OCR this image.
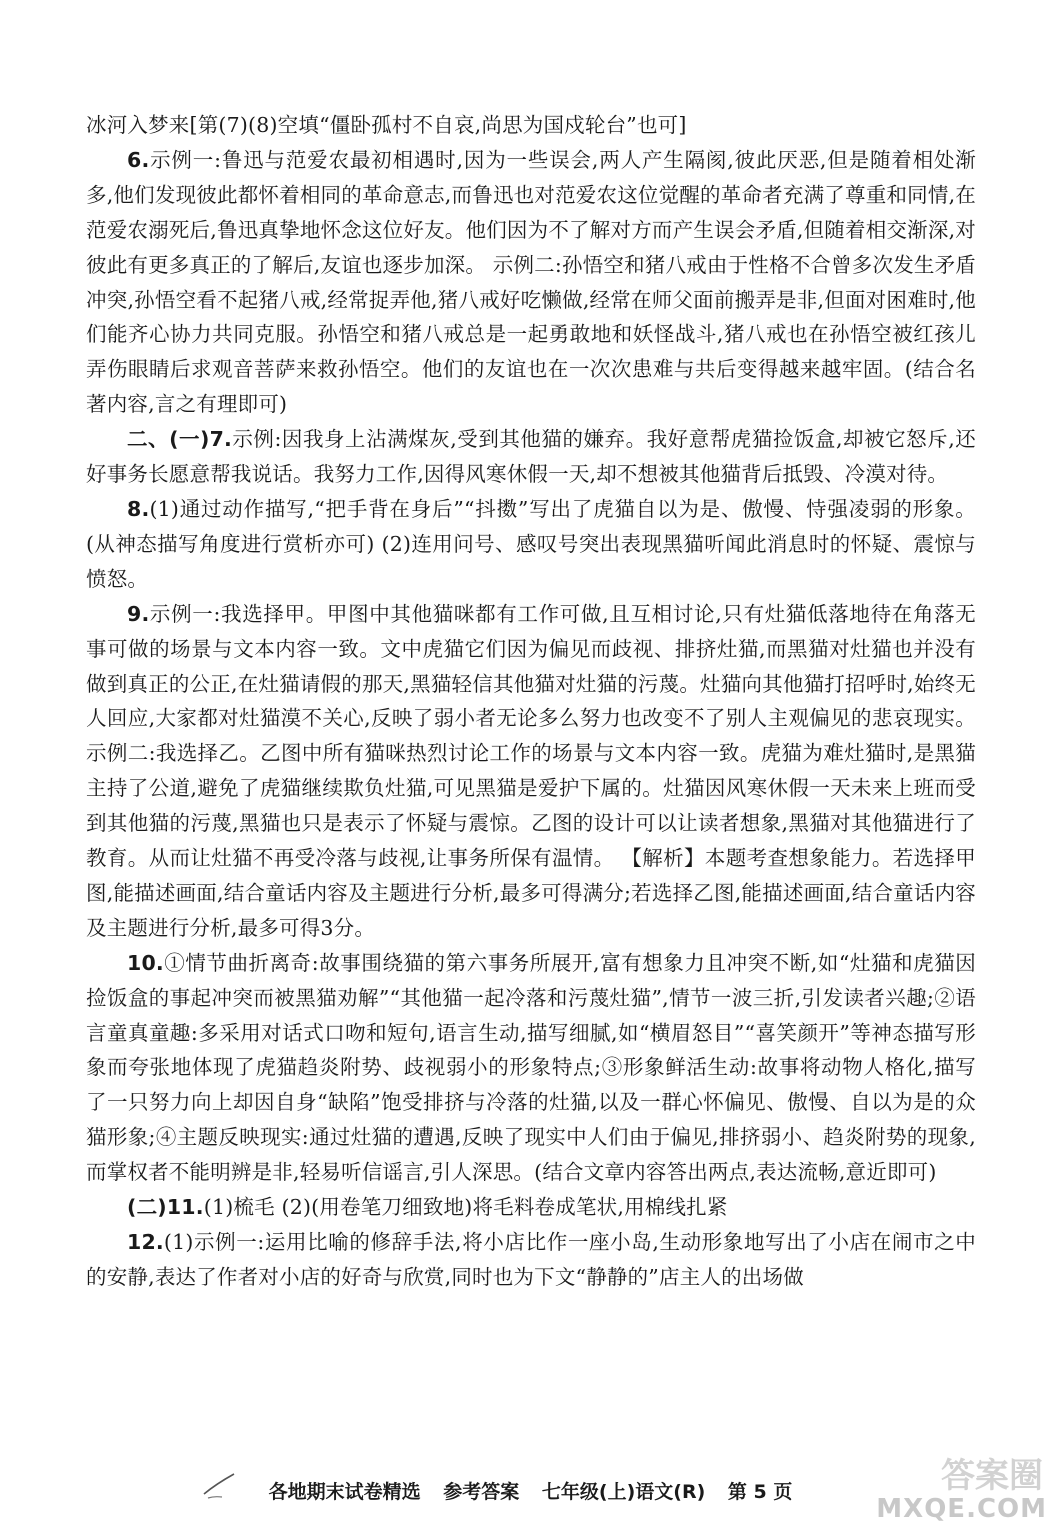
冰河入梦来[第(7)(8)空填“僵卧孤村不自哀,尚思为国戍轮台”也可]

6.示例一:鲁迅与范爱农最初相遇时,因为一些误会,两人产生隔阂,彼此厌恶,但是随着相处渐多,他们发现彼此都怀着相同的革命意志,而鲁迅也对范爱农这位觉醒的革命者充满了尊重和同情,在范爱农溺死后,鲁迅真挚地怀念这位好友。他们因为不了解对方而产生误会矛盾,但随着相交渐深,对彼此有更多真正的了解后,友谊也逐步加深。 示例二:孙悟空和猪八戒由于性格不合曾多次发生矛盾冲突,孙悟空看不起猪八戒,经常捉弄他,猪八戒好吃懒做,经常在师父面前搬弄是非,但面对困难时,他们能齐心协力共同克服。孙悟空和猪八戒总是一起勇敢地和妖怪战斗,猪八戒也在孙悟空被红孩儿弄伤眼睛后求观音菩萨来救孙悟空。他们的友谊也在一次次患难与共后变得越来越牢固。(结合名著内容,言之有理即可)

二、(一)7.示例:因我身上沾满煤灰,受到其他猫的嫌弃。我好意帮虎猫捡饭盒,却被它怒斥,还好事务长愿意帮我说话。我努力工作,因得风寒休假一天,却不想被其他猫背后抵毁、冷漠对待。

8.(1)通过动作描写,“把手背在身后”“抖擞”写出了虎猫自以为是、傲慢、恃强凌弱的形象。(从神态描写角度进行赏析亦可) (2)连用问号、感叹号突出表现黑猫听闻此消息时的怀疑、震惊与愤怒。

9.示例一:我选择甲。甲图中其他猫咪都有工作可做,且互相讨论,只有灶猫低落地待在角落无事可做的场景与文本内容一致。文中虎猫它们因为偏见而歧视、排挤灶猫,而黑猫对灶猫也并没有做到真正的公正,在灶猫请假的那天,黑猫轻信其他猫对灶猫的污蔑。灶猫向其他猫打招呼时,始终无人回应,大家都对灶猫漠不关心,反映了弱小者无论多么努力也改变不了别人主观偏见的悲哀现实。 示例二:我选择乙。乙图中所有猫咪热烈讨论工作的场景与文本内容一致。虎猫为难灶猫时,是黑猫主持了公道,避免了虎猫继续欺负灶猫,可见黑猫是爱护下属的。灶猫因风寒休假一天未来上班而受到其他猫的污蔑,黑猫也只是表示了怀疑与震惊。乙图的设计可以让读者想象,黑猫对其他猫进行了教育。从而让灶猫不再受冷落与歧视,让事务所保有温情。 【解析】本题考查想象能力。若选择甲图,能描述画面,结合童话内容及主题进行分析,最多可得满分;若选择乙图,能描述画面,结合童话内容及主题进行分析,最多可得3分。

10.①情节曲折离奇:故事围绕猫的第六事务所展开,富有想象力且冲突不断,如“灶猫和虎猫因捡饭盒的事起冲突而被黑猫劝解”“其他猫一起冷落和污蔑灶猫”,情节一波三折,引发读者兴趣;②语言童真童趣:多采用对话式口吻和短句,语言生动,描写细腻,如“横眉怒目”“喜笑颜开”等神态描写形象而夸张地体现了虎猫趋炎附势、歧视弱小的形象特点;③形象鲜活生动:故事将动物人格化,描写了一只努力向上却因自身“缺陷”饱受排挤与冷落的灶猫,以及一群心怀偏见、傲慢、自以为是的众猫形象;④主题反映现实:通过灶猫的遭遇,反映了现实中人们由于偏见,排挤弱小、趋炎附势的现象,而掌权者不能明辨是非,轻易听信谣言,引人深思。(结合文章内容答出两点,表达流畅,意近即可)

(二)11.(1)梳毛 (2)(用卷笔刀细致地)将毛料卷成笔状,用棉线扎紧

12.(1)示例一:运用比喻的修辞手法,将小店比作一座小岛,生动形象地写出了小店在闹市之中的安静,表达了作者对小店的好奇与欣赏,同时也为下文“静静的”店主人的出场做

各地期末试卷精选 参考答案 七年级(上)语文(R) 第 5 页	答案圈
MXQE.COM
